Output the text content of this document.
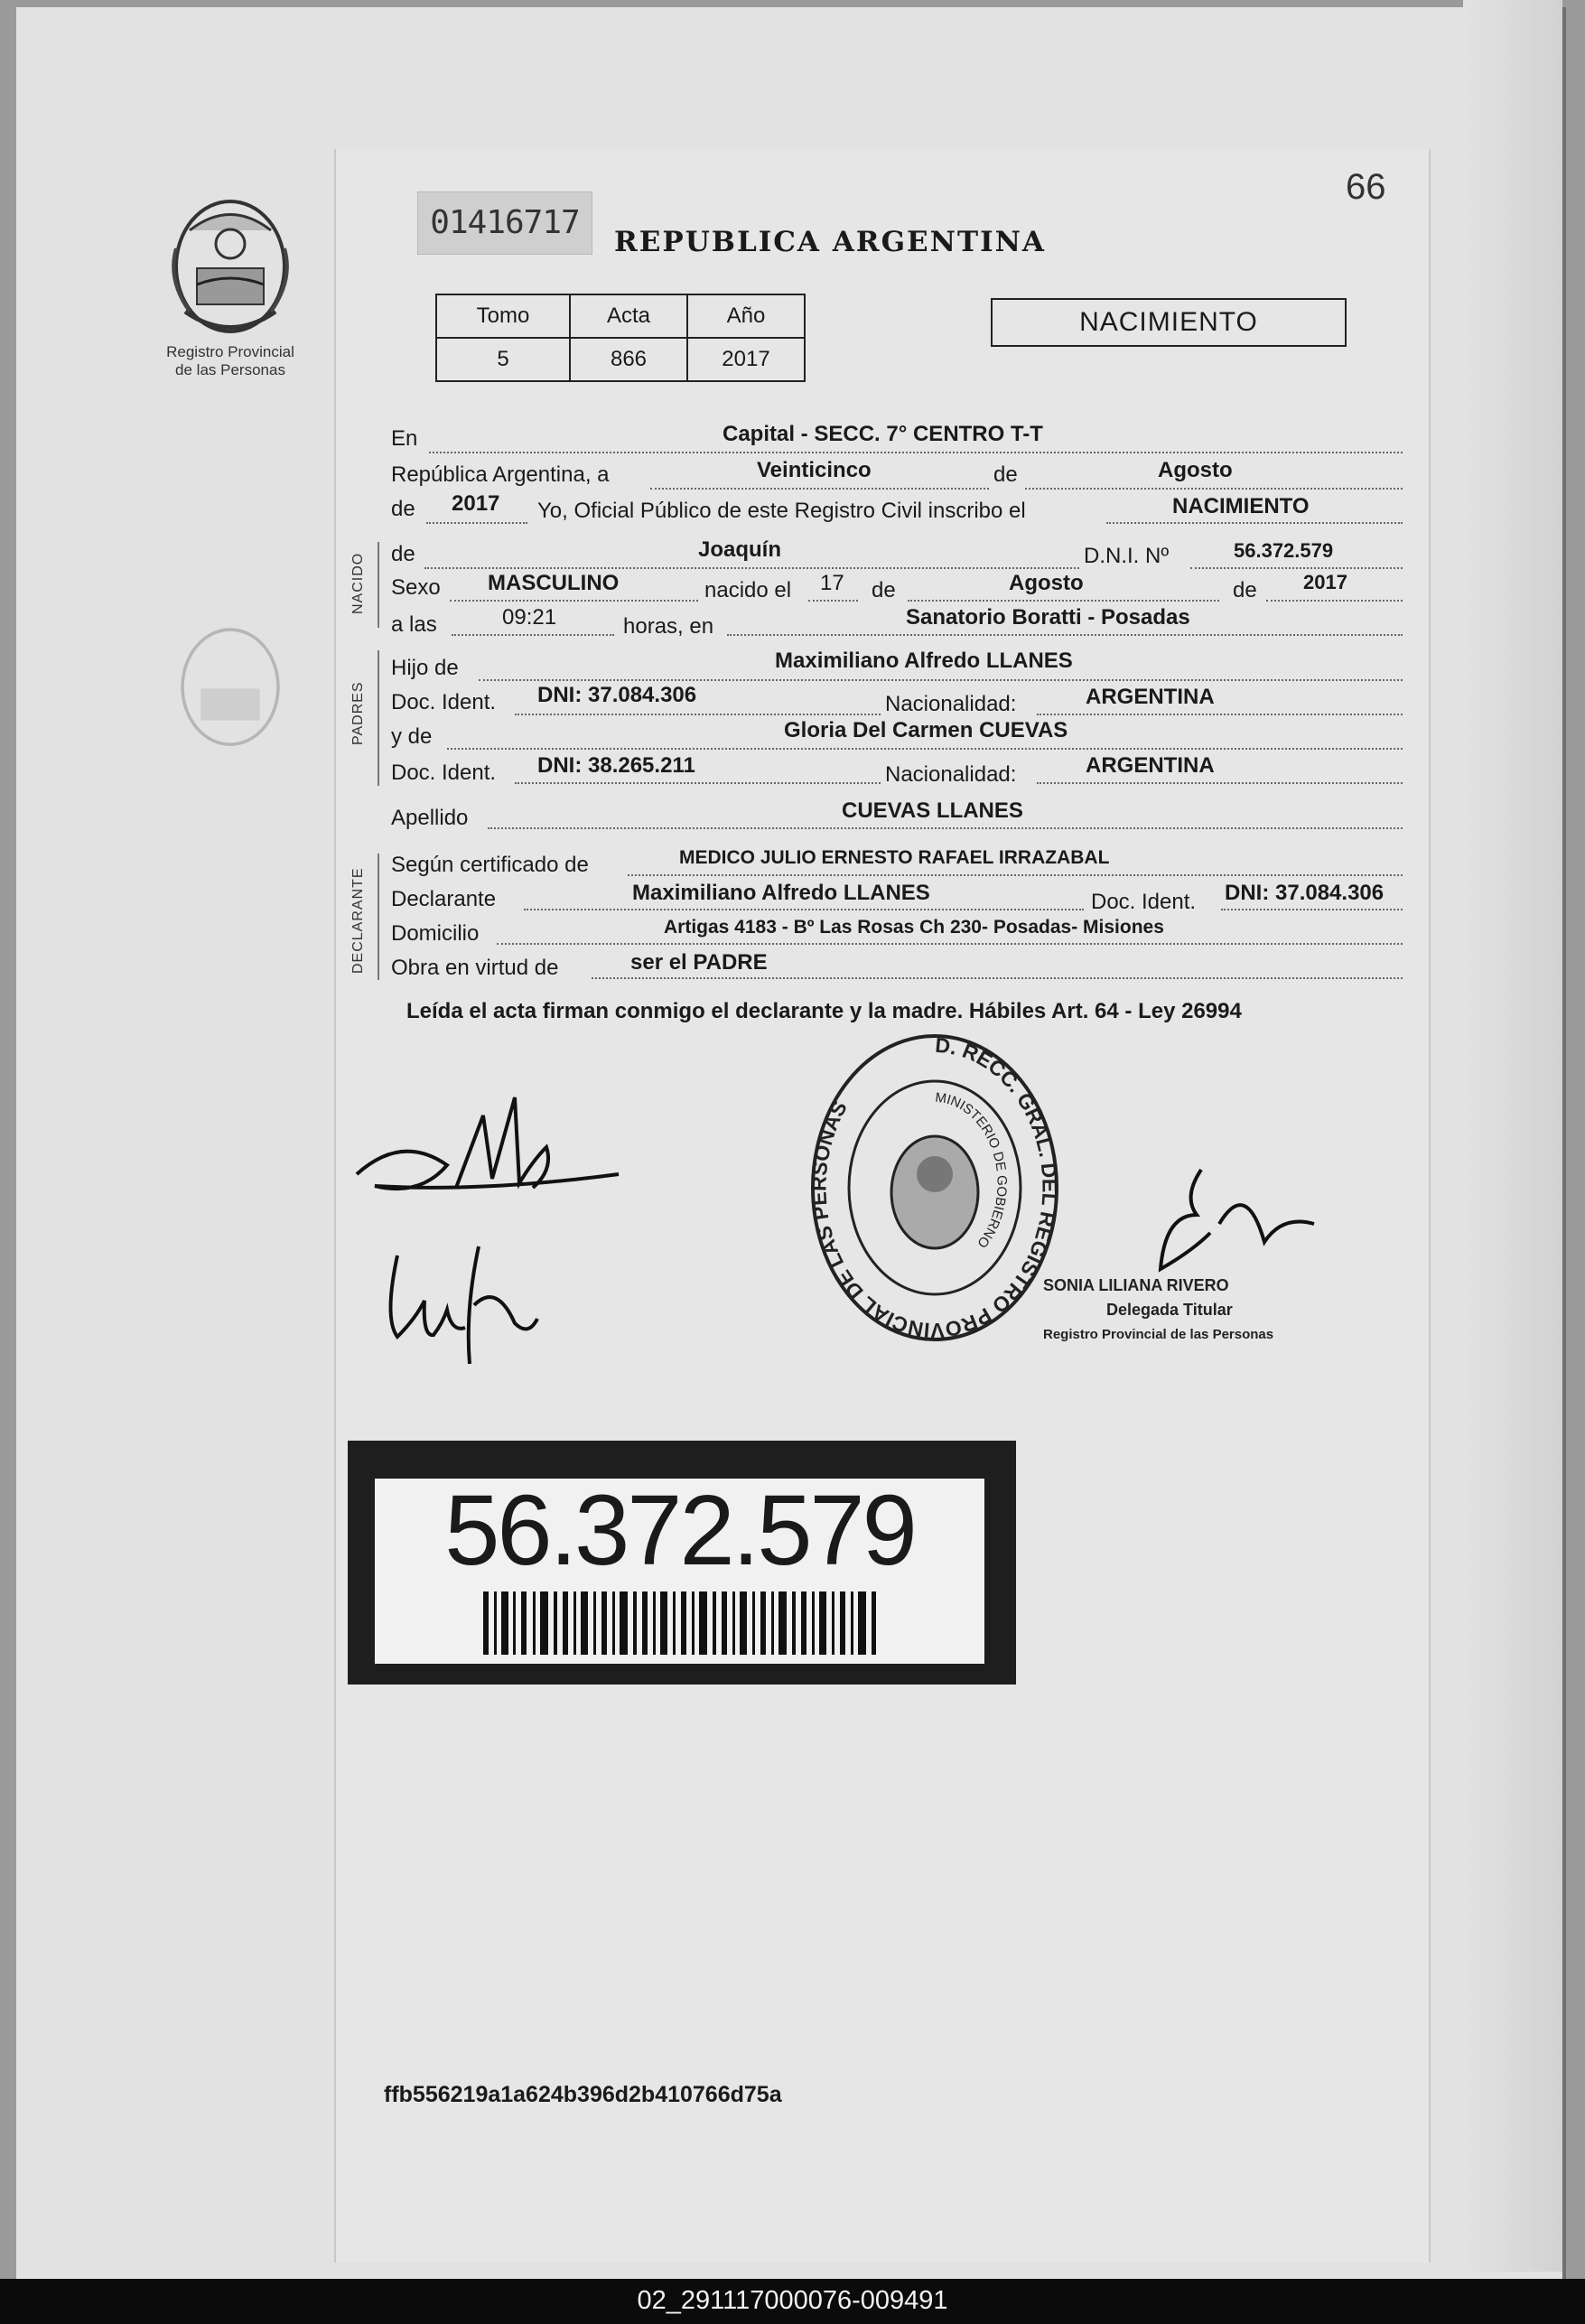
Registro Provincial
de las Personas
01416717
66
REPUBLICA ARGENTINA
Tomo	Acta	Año
5	866	2017
NACIMIENTO
En	Capital - SECC. 7° CENTRO T-T
República Argentina, a	Veinticinco	de	Agosto
de 2017 Yo, Oficial Público de este Registro Civil inscribo el	NACIMIENTO
NACIDO de	Joaquín	D.N.I. Nº	56.372.579
Sexo MASCULINO	nacido el 17 de	Agosto	de 2017
a las	09:21	horas, en	Sanatorio Boratti - Posadas
PADRES
Hijo de	Maximiliano Alfredo LLANES
Doc. Ident. DNI: 37.084.306	Nacionalidad:	ARGENTINA
y de	Gloria Del Carmen CUEVAS
Doc. Ident. DNI: 38.265.211	Nacionalidad:	ARGENTINA
Apellido	CUEVAS LLANES
DECLARANTE
Según certificado de	MEDICO JULIO ERNESTO RAFAEL IRRAZABAL
Declarante	Maximiliano Alfredo LLANES	Doc. Ident. DNI: 37.084.306
Domicilio	Artigas 4183 - Bº Las Rosas Ch 230- Posadas- Misiones
Obra en virtud de	ser el PADRE
Leída el acta firman conmigo el declarante y la madre. Hábiles Art. 64 - Ley 26994
D. RECC. GRAL. DEL REGISTRO PROVINCIAL DE LAS PERSONAS	MINISTERIO DE GOBIERNO
SONIA LILIANA RIVERO
Delegada Titular
Registro Provincial de las Personas
56.372.579
ffb556219a1a624b396d2b410766d75a
02_291117000076-009491
